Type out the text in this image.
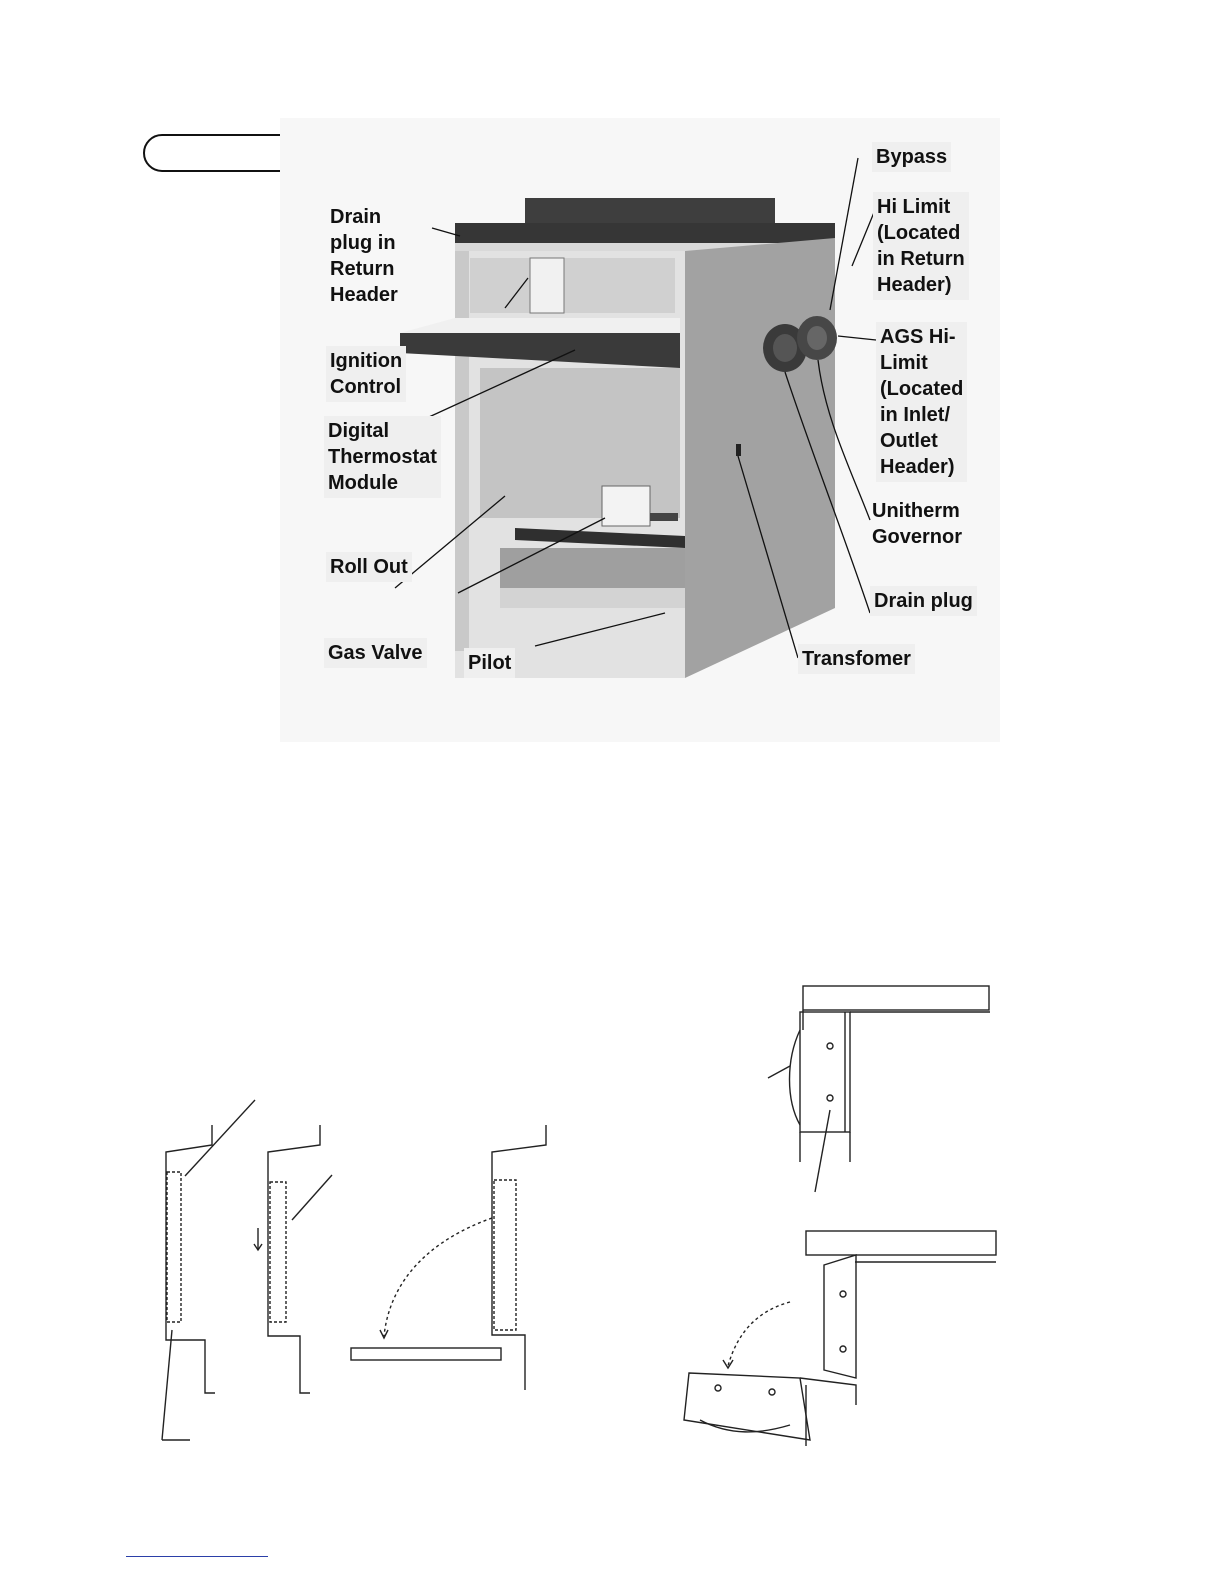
Drain
plug in
Return
Header
Ignition
Control
Digital
Thermostat
Module
Roll Out
Gas Valve Pilot
Bypass
Hi Limit
(Located
in Return
Header)
AGS Hi-
Limit
(Located
in Inlet/
Outlet
Header)
Unitherm
Governor
Drain plug
Transfomer
